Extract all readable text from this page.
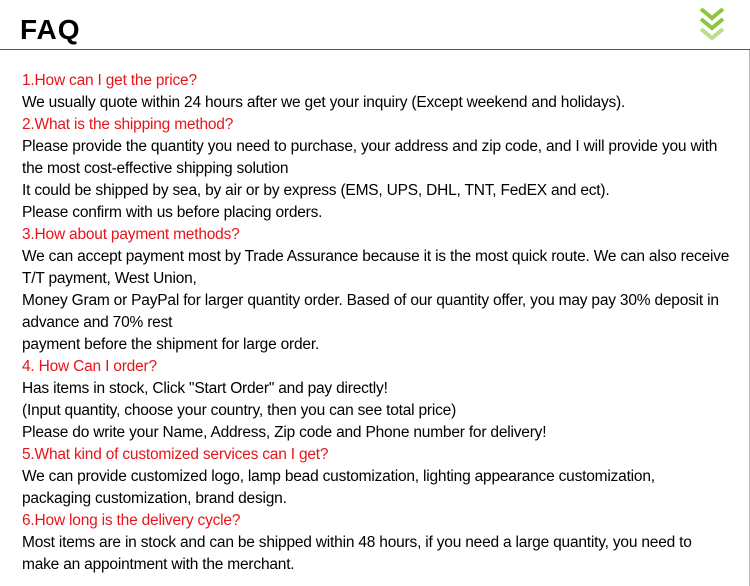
FAQ
1.How can I get the price?
We usually quote within 24 hours after we get your inquiry (Except weekend and holidays).
2.What is the shipping method?
Please provide the quantity you need to purchase, your address and zip code, and I will provide you with
the most cost-effective shipping solution
It could be shipped by sea, by air or by express (EMS, UPS, DHL, TNT, FedEX and ect).
Please confirm with us before placing orders.
3.How about payment methods?
We can accept payment most by Trade Assurance because it is the most quick route. We can also receive
T/T payment, West Union,
Money Gram or PayPal for larger quantity order. Based of our quantity offer, you may pay 30% deposit in
advance and 70% rest
payment before the shipment for large order.
4. How Can I order?
Has items in stock, Click "Start Order" and pay directly!
(Input quantity, choose your country, then you can see total price)
Please do write your Name, Address, Zip code and Phone number for delivery!
5.What kind of customized services can I get?
We can provide customized logo, lamp bead customization, lighting appearance customization,
packaging customization, brand design.
6.How long is the delivery cycle?
Most items are in stock and can be shipped within 48 hours, if you need a large quantity, you need to
make an appointment with the merchant.
